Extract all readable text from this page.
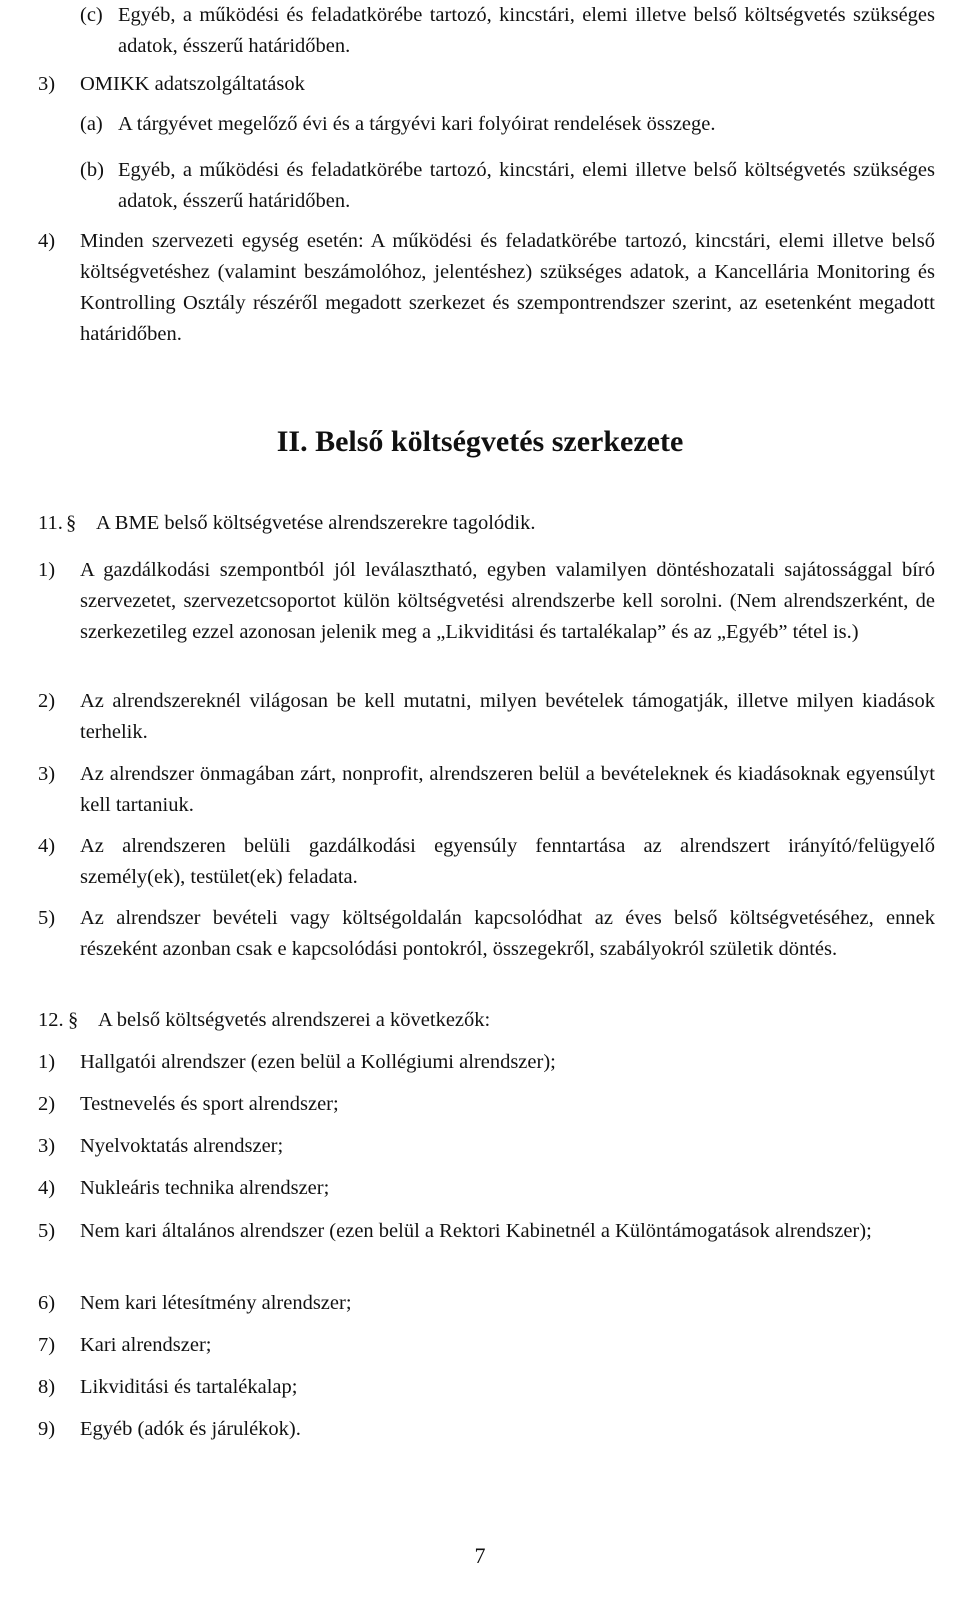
(c) Egyéb, a működési és feladatkörébe tartozó, kincstári, elemi illetve belső költségvetés szükséges adatok, ésszerű határidőben.
3)	OMIKK adatszolgáltatások
(a) A tárgyévet megelőző évi és a tárgyévi kari folyóirat rendelések összege.
(b) Egyéb, a működési és feladatkörébe tartozó, kincstári, elemi illetve belső költségvetés szükséges adatok, ésszerű határidőben.
4)	Minden szervezeti egység esetén: A működési és feladatkörébe tartozó, kincstári, elemi illetve belső költségvetéshez (valamint beszámolóhoz, jelentéshez) szükséges adatok, a Kancellária Monitoring és Kontrolling Osztály részéről megadott szerkezet és szempontrendszer szerint, az esetenként megadott határidőben.
II. Belső költségvetés szerkezete
11. § A BME belső költségvetése alrendszerekre tagolódik.
1)	A gazdálkodási szempontból jól leválasztható, egyben valamilyen döntéshozatali sajátossággal bíró szervezetet, szervezetcsoportot külön költségvetési alrendszerbe kell sorolni. (Nem alrendszerként, de szerkezetileg ezzel azonosan jelenik meg a „Likviditási és tartalékalap” és az „Egyéb” tétel is.)
2)	Az alrendszereknél világosan be kell mutatni, milyen bevételek támogatják, illetve milyen kiadások terhelik.
3)	Az alrendszer önmagában zárt, nonprofit, alrendszeren belül a bevételeknek és kiadásoknak egyensúlyt kell tartaniuk.
4)	Az alrendszeren belüli gazdálkodási egyensúly fenntartása az alrendszert irányító/felügyelő személy(ek), testület(ek) feladata.
5)	Az alrendszer bevételi vagy költségoldalán kapcsolódhat az éves belső költségvetéséhez, ennek részeként azonban csak e kapcsolódási pontokról, összegekről, szabályokról születik döntés.
12. § A belső költségvetés alrendszerei a következők:
1)	Hallgatói alrendszer (ezen belül a Kollégiumi alrendszer);
2)	Testnevelés és sport alrendszer;
3)	Nyelvoktatás alrendszer;
4)	Nukleáris technika alrendszer;
5)	Nem kari általános alrendszer (ezen belül a Rektori Kabinetnél a Különtámogatások alrendszer);
6)	Nem kari létesítmény alrendszer;
7)	Kari alrendszer;
8)	Likviditási és tartalékalap;
9)	Egyéb (adók és járulékok).
7
